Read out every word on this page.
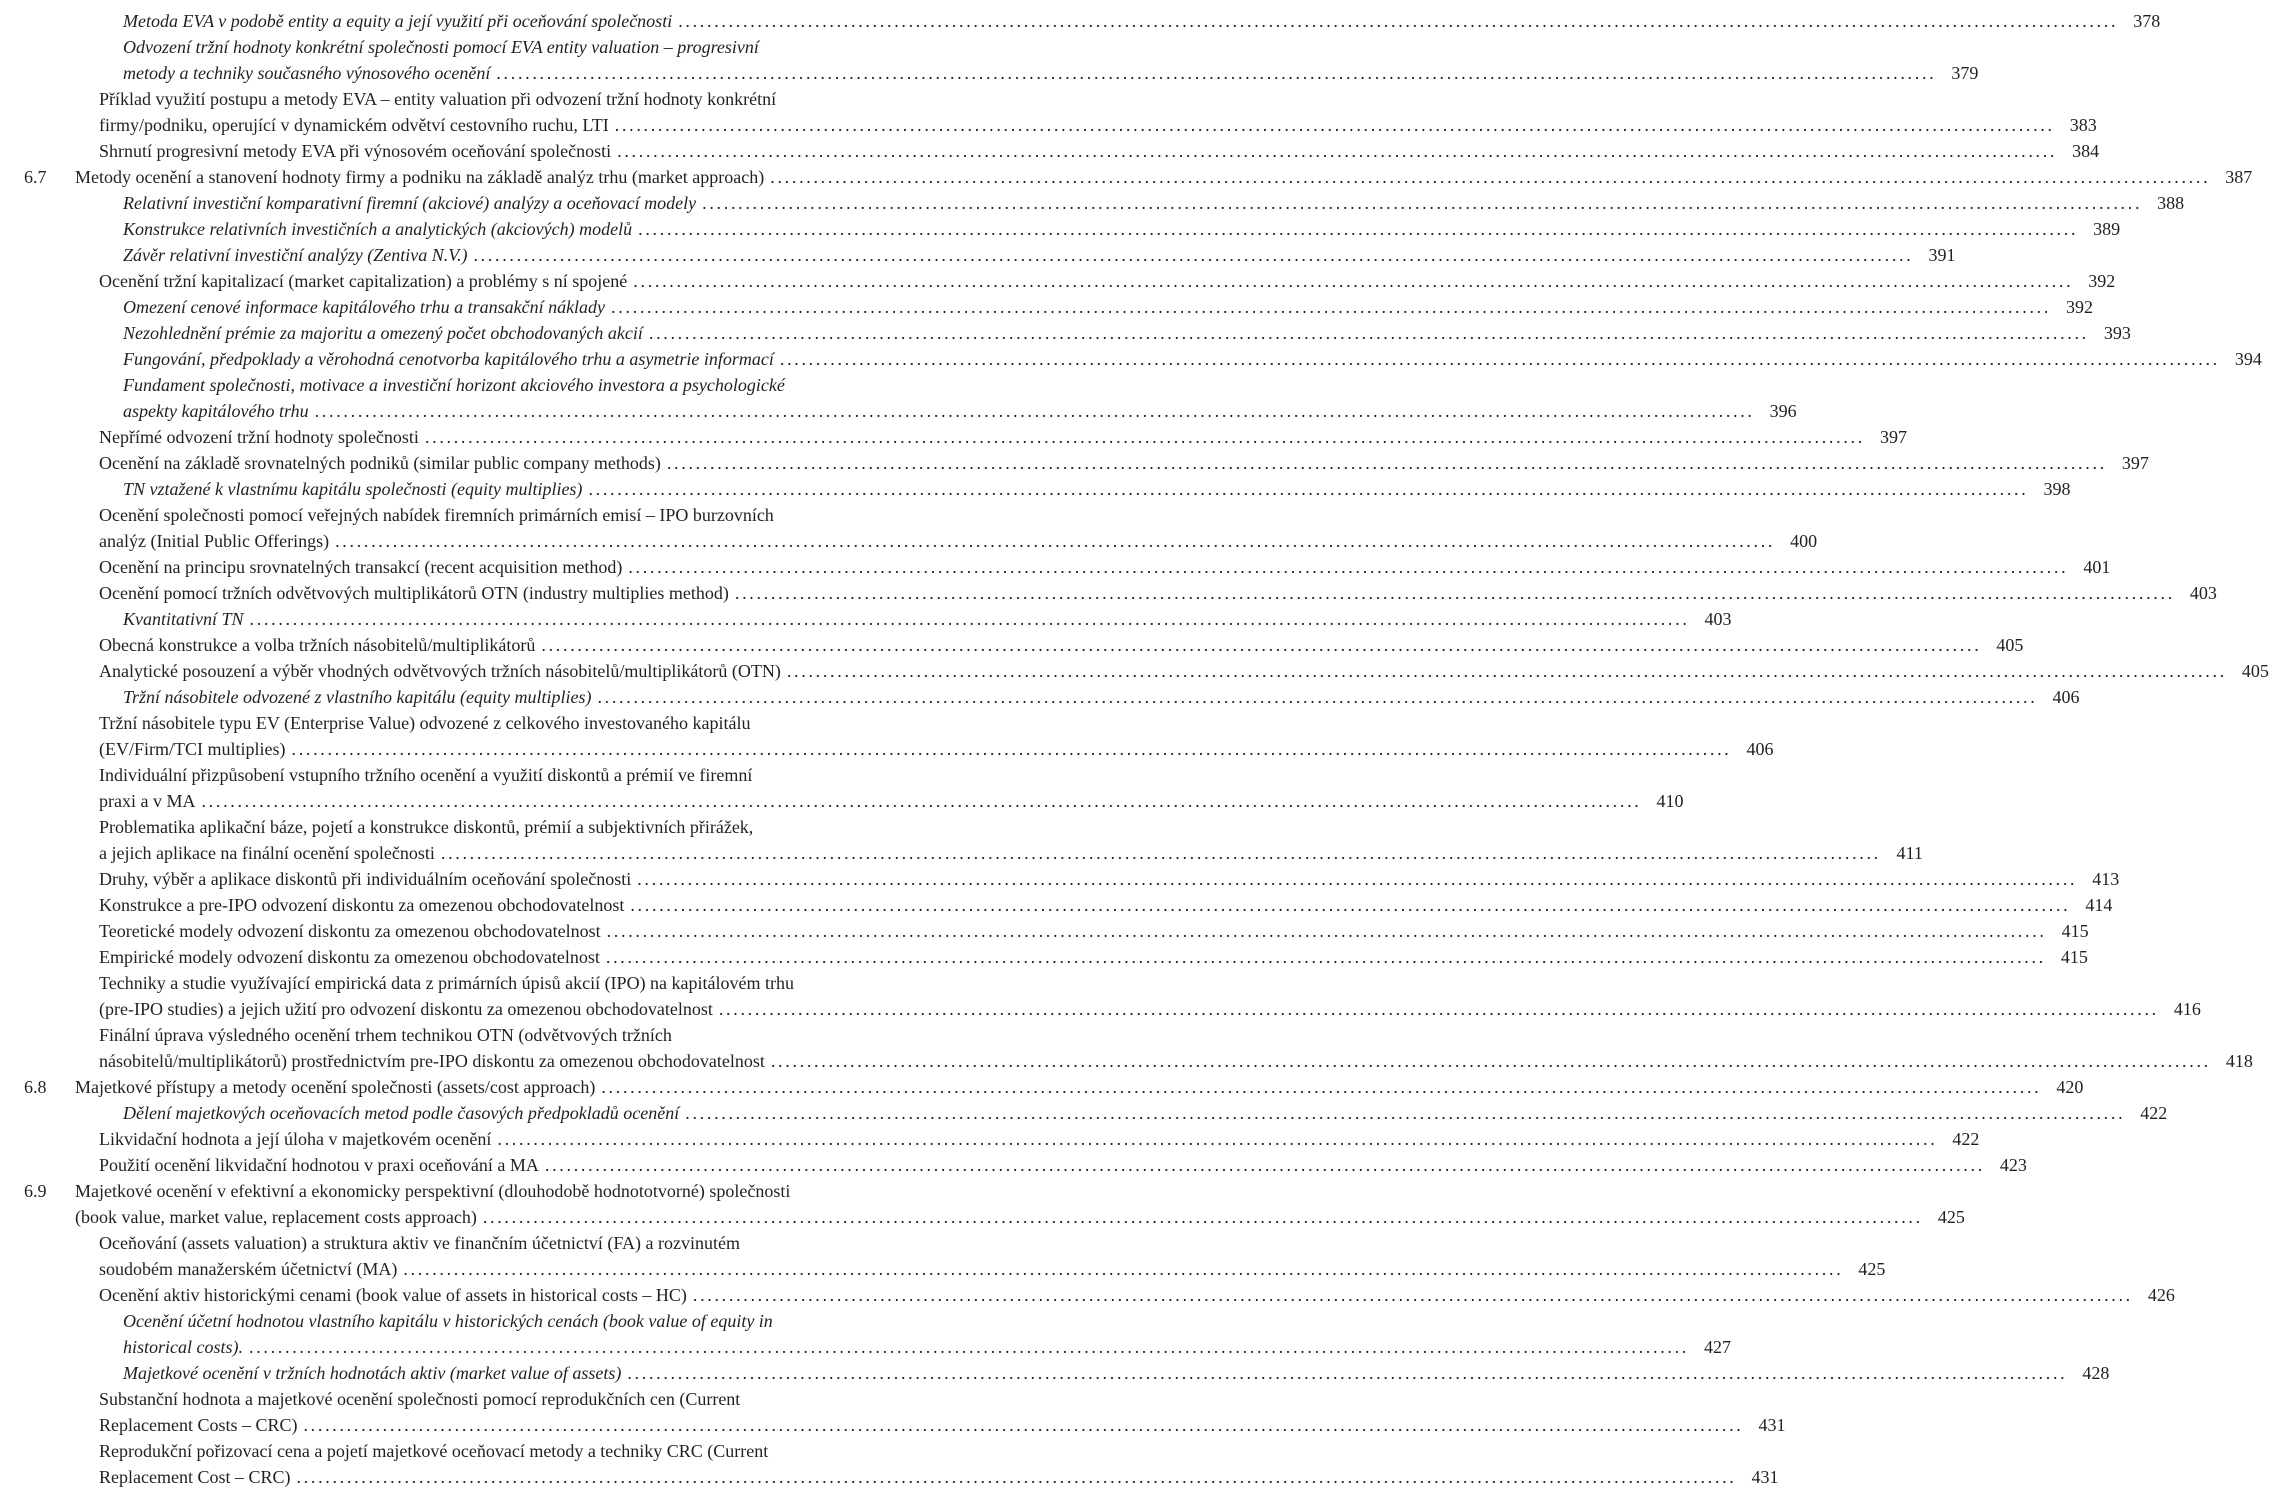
Metoda EVA v podobě entity a equity a její využití při oceňování společnosti ........................................................................................................................................................................................................ 378
Odvození tržní hodnoty konkrétní společnosti pomocí EVA entity valuation – progresivní
metody a techniky současného výnosového ocenění ........................................................................................................................................................................................................ 379
Příklad využití postupu a metody EVA – entity valuation při odvození tržní hodnoty konkrétní
firmy/podniku, operující v dynamickém odvětví cestovního ruchu, LTI ........................................................................................................................................................................................................ 383
Shrnutí progresivní metody EVA při výnosovém oceňování společnosti ........................................................................................................................................................................................................ 384
6.7 Metody ocenění a stanovení hodnoty firmy a podniku na základě analýz trhu (market approach) ........................................................................................................................................................................................................ 387
Relativní investiční komparativní firemní (akciové) analýzy a oceňovací modely ........................................................................................................................................................................................................ 388
Konstrukce relativních investičních a analytických (akciových) modelů ........................................................................................................................................................................................................ 389
Závěr relativní investiční analýzy (Zentiva N.V.) ........................................................................................................................................................................................................ 391
Ocenění tržní kapitalizací (market capitalization) a problémy s ní spojené ........................................................................................................................................................................................................ 392
Omezení cenové informace kapitálového trhu a transakční náklady ........................................................................................................................................................................................................ 392
Nezohlednění prémie za majoritu a omezený počet obchodovaných akcií ........................................................................................................................................................................................................ 393
Fungování, předpoklady a věrohodná cenotvorba kapitálového trhu a asymetrie informací ........................................................................................................................................................................................................ 394
Fundament společnosti, motivace a investiční horizont akciového investora a psychologické
aspekty kapitálového trhu ........................................................................................................................................................................................................ 396
Nepřímé odvození tržní hodnoty společnosti ........................................................................................................................................................................................................ 397
Ocenění na základě srovnatelných podniků (similar public company methods) ........................................................................................................................................................................................................ 397
TN vztažené k vlastnímu kapitálu společnosti (equity multiplies) ........................................................................................................................................................................................................ 398
Ocenění společnosti pomocí veřejných nabídek firemních primárních emisí – IPO burzovních
analýz (Initial Public Offerings) ........................................................................................................................................................................................................ 400
Ocenění na principu srovnatelných transakcí (recent acquisition method) ........................................................................................................................................................................................................ 401
Ocenění pomocí tržních odvětvových multiplikátorů OTN (industry multiplies method) ........................................................................................................................................................................................................ 403
Kvantitativní TN ........................................................................................................................................................................................................ 403
Obecná konstrukce a volba tržních násobitelů/multiplikátorů ........................................................................................................................................................................................................ 405
Analytické posouzení a výběr vhodných odvětvových tržních násobitelů/multiplikátorů (OTN) ........................................................................................................................................................................................................ 405
Tržní násobitele odvozené z vlastního kapitálu (equity multiplies) ........................................................................................................................................................................................................ 406
Tržní násobitele typu EV (Enterprise Value) odvozené z celkového investovaného kapitálu
(EV/Firm/TCI multiplies) ........................................................................................................................................................................................................ 406
Individuální přizpůsobení vstupního tržního ocenění a využití diskontů a prémií ve firemní
praxi a v MA ........................................................................................................................................................................................................ 410
Problematika aplikační báze, pojetí a konstrukce diskontů, prémií a subjektivních přirážek,
a jejich aplikace na finální ocenění společnosti ........................................................................................................................................................................................................ 411
Druhy, výběr a aplikace diskontů při individuálním oceňování společnosti ........................................................................................................................................................................................................ 413
Konstrukce a pre-IPO odvození diskontu za omezenou obchodovatelnost ........................................................................................................................................................................................................ 414
Teoretické modely odvození diskontu za omezenou obchodovatelnost ........................................................................................................................................................................................................ 415
Empirické modely odvození diskontu za omezenou obchodovatelnost ........................................................................................................................................................................................................ 415
Techniky a studie využívající empirická data z primárních úpisů akcií (IPO) na kapitálovém trhu
(pre-IPO studies) a jejich užití pro odvození diskontu za omezenou obchodovatelnost ........................................................................................................................................................................................................ 416
Finální úprava výsledného ocenění trhem technikou OTN (odvětvových tržních
násobitelů/multiplikátorů) prostřednictvím pre-IPO diskontu za omezenou obchodovatelnost ........................................................................................................................................................................................................ 418
6.8 Majetkové přístupy a metody ocenění společnosti (assets/cost approach) ........................................................................................................................................................................................................ 420
Dělení majetkových oceňovacích metod podle časových předpokladů ocenění ........................................................................................................................................................................................................ 422
Likvidační hodnota a její úloha v majetkovém ocenění ........................................................................................................................................................................................................ 422
Použití ocenění likvidační hodnotou v praxi oceňování a MA ........................................................................................................................................................................................................ 423
6.9 Majetkové ocenění v efektivní a ekonomicky perspektivní (dlouhodobě hodnototvorné) společnosti
(book value, market value, replacement costs approach) ........................................................................................................................................................................................................ 425
Oceňování (assets valuation) a struktura aktiv ve finančním účetnictví (FA) a rozvinutém
soudobém manažerském účetnictví (MA) ........................................................................................................................................................................................................ 425
Ocenění aktiv historickými cenami (book value of assets in historical costs – HC) ........................................................................................................................................................................................................ 426
Ocenění účetní hodnotou vlastního kapitálu v historických cenách (book value of equity in
historical costs). ........................................................................................................................................................................................................ 427
Majetkové ocenění v tržních hodnotách aktiv (market value of assets) ........................................................................................................................................................................................................ 428
Substanční hodnota a majetkové ocenění společnosti pomocí reprodukčních cen (Current
Replacement Costs – CRC) ........................................................................................................................................................................................................ 431
Reprodukční pořizovací cena a pojetí majetkové oceňovací metody a techniky CRC (Current
Replacement Cost – CRC) ........................................................................................................................................................................................................ 431
